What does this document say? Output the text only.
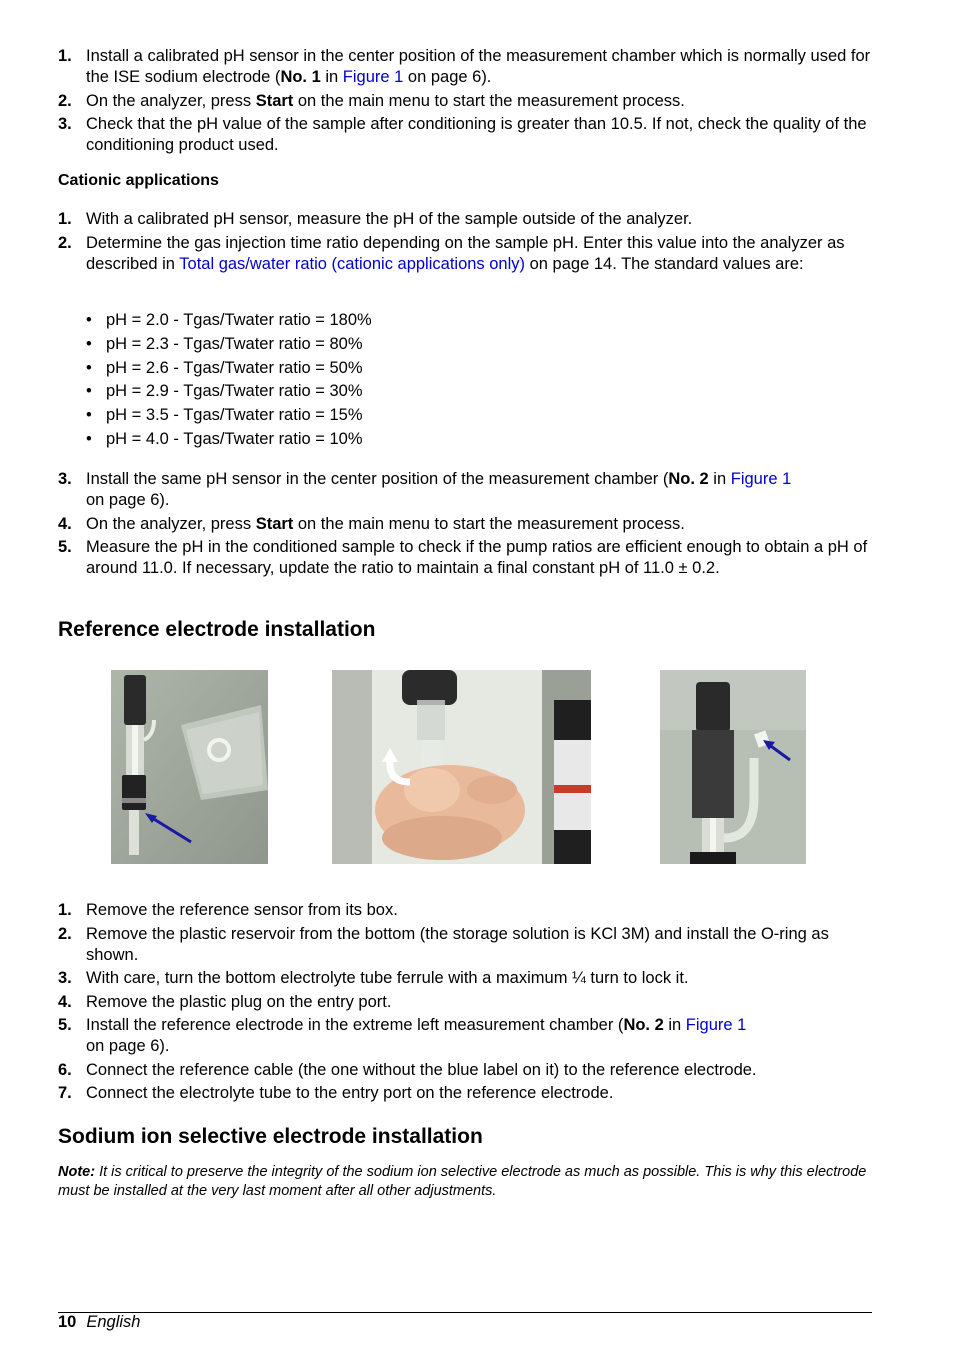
1. Install a calibrated pH sensor in the center position of the measurement chamber which is normally used for the ISE sodium electrode (No. 1 in Figure 1 on page 6).
2. On the analyzer, press Start on the main menu to start the measurement process.
3. Check that the pH value of the sample after conditioning is greater than 10.5. If not, check the quality of the conditioning product used.
Cationic applications
1. With a calibrated pH sensor, measure the pH of the sample outside of the analyzer.
2. Determine the gas injection time ratio depending on the sample pH. Enter this value into the analyzer as described in Total gas/water ratio (cationic applications only) on page 14. The standard values are:
• pH = 2.0 - Tgas/Twater ratio = 180%
• pH = 2.3 - Tgas/Twater ratio = 80%
• pH = 2.6 - Tgas/Twater ratio = 50%
• pH = 2.9 - Tgas/Twater ratio = 30%
• pH = 3.5 - Tgas/Twater ratio = 15%
• pH = 4.0 - Tgas/Twater ratio = 10%
3. Install the same pH sensor in the center position of the measurement chamber (No. 2 in Figure 1
on page 6).
4. On the analyzer, press Start on the main menu to start the measurement process.
5. Measure the pH in the conditioned sample to check if the pump ratios are efficient enough to obtain a pH of around 11.0. If necessary, update the ratio to maintain a final constant pH of 11.0 ± 0.2.
Reference electrode installation
1. Remove the reference sensor from its box.
2. Remove the plastic reservoir from the bottom (the storage solution is KCl 3M) and install the O-ring as shown.
3. With care, turn the bottom electrolyte tube ferrule with a maximum ¼ turn to lock it.
4. Remove the plastic plug on the entry port.
5. Install the reference electrode in the extreme left measurement chamber (No. 2 in Figure 1
on page 6).
6. Connect the reference cable (the one without the blue label on it) to the reference electrode.
7. Connect the electrolyte tube to the entry port on the reference electrode.
Sodium ion selective electrode installation
Note: It is critical to preserve the integrity of the sodium ion selective electrode as much as possible. This is why this electrode must be installed at the very last moment after all other adjustments.
10 English
